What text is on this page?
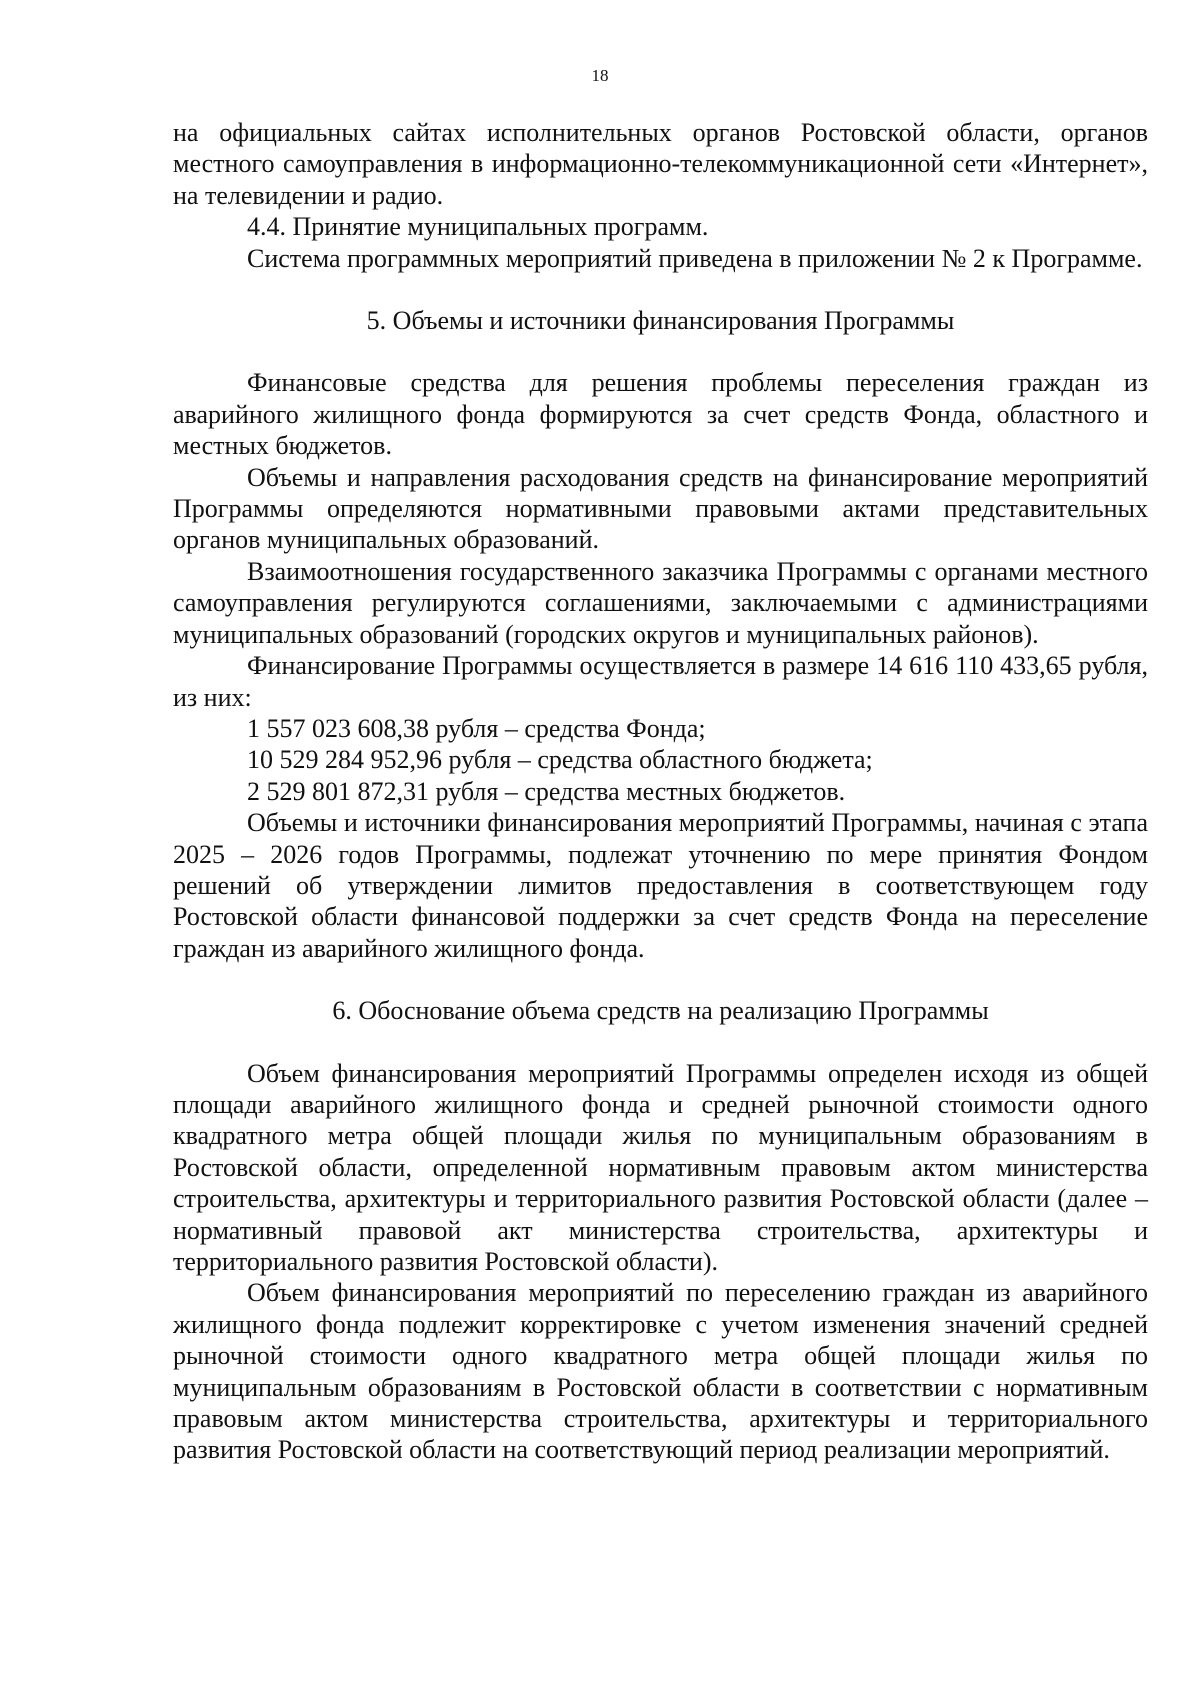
18

на официальных сайтах исполнительных органов Ростовской области, органов местного самоуправления в информационно-телекоммуникационной сети «Интернет», на телевидении и радио.

4.4. Принятие муниципальных программ.

Система программных мероприятий приведена в приложении № 2 к Программе.

5. Объемы и источники финансирования Программы

Финансовые средства для решения проблемы переселения граждан из аварийного жилищного фонда формируются за счет средств Фонда, областного и местных бюджетов.

Объемы и направления расходования средств на финансирование мероприятий Программы определяются нормативными правовыми актами представительных органов муниципальных образований.

Взаимоотношения государственного заказчика Программы с органами местного самоуправления регулируются соглашениями, заключаемыми с администрациями муниципальных образований (городских округов и муниципальных районов).

Финансирование Программы осуществляется в размере 14 616 110 433,65 рубля, из них:

1 557 023 608,38 рубля – средства Фонда;

10 529 284 952,96 рубля – средства областного бюджета;

2 529 801 872,31 рубля – средства местных бюджетов.

Объемы и источники финансирования мероприятий Программы, начиная с этапа 2025 – 2026 годов Программы, подлежат уточнению по мере принятия Фондом решений об утверждении лимитов предоставления в соответствующем году Ростовской области финансовой поддержки за счет средств Фонда на переселение граждан из аварийного жилищного фонда.

6. Обоснование объема средств на реализацию Программы

Объем финансирования мероприятий Программы определен исходя из общей площади аварийного жилищного фонда и средней рыночной стоимости одного квадратного метра общей площади жилья по муниципальным образованиям в Ростовской области, определенной нормативным правовым актом министерства строительства, архитектуры и территориального развития Ростовской области (далее – нормативный правовой акт министерства строительства, архитектуры и территориального развития Ростовской области).

Объем финансирования мероприятий по переселению граждан из аварийного жилищного фонда подлежит корректировке с учетом изменения значений средней рыночной стоимости одного квадратного метра общей площади жилья по муниципальным образованиям в Ростовской области в соответствии с нормативным правовым актом министерства строительства, архитектуры и территориального развития Ростовской области на соответствующий период реализации мероприятий.
